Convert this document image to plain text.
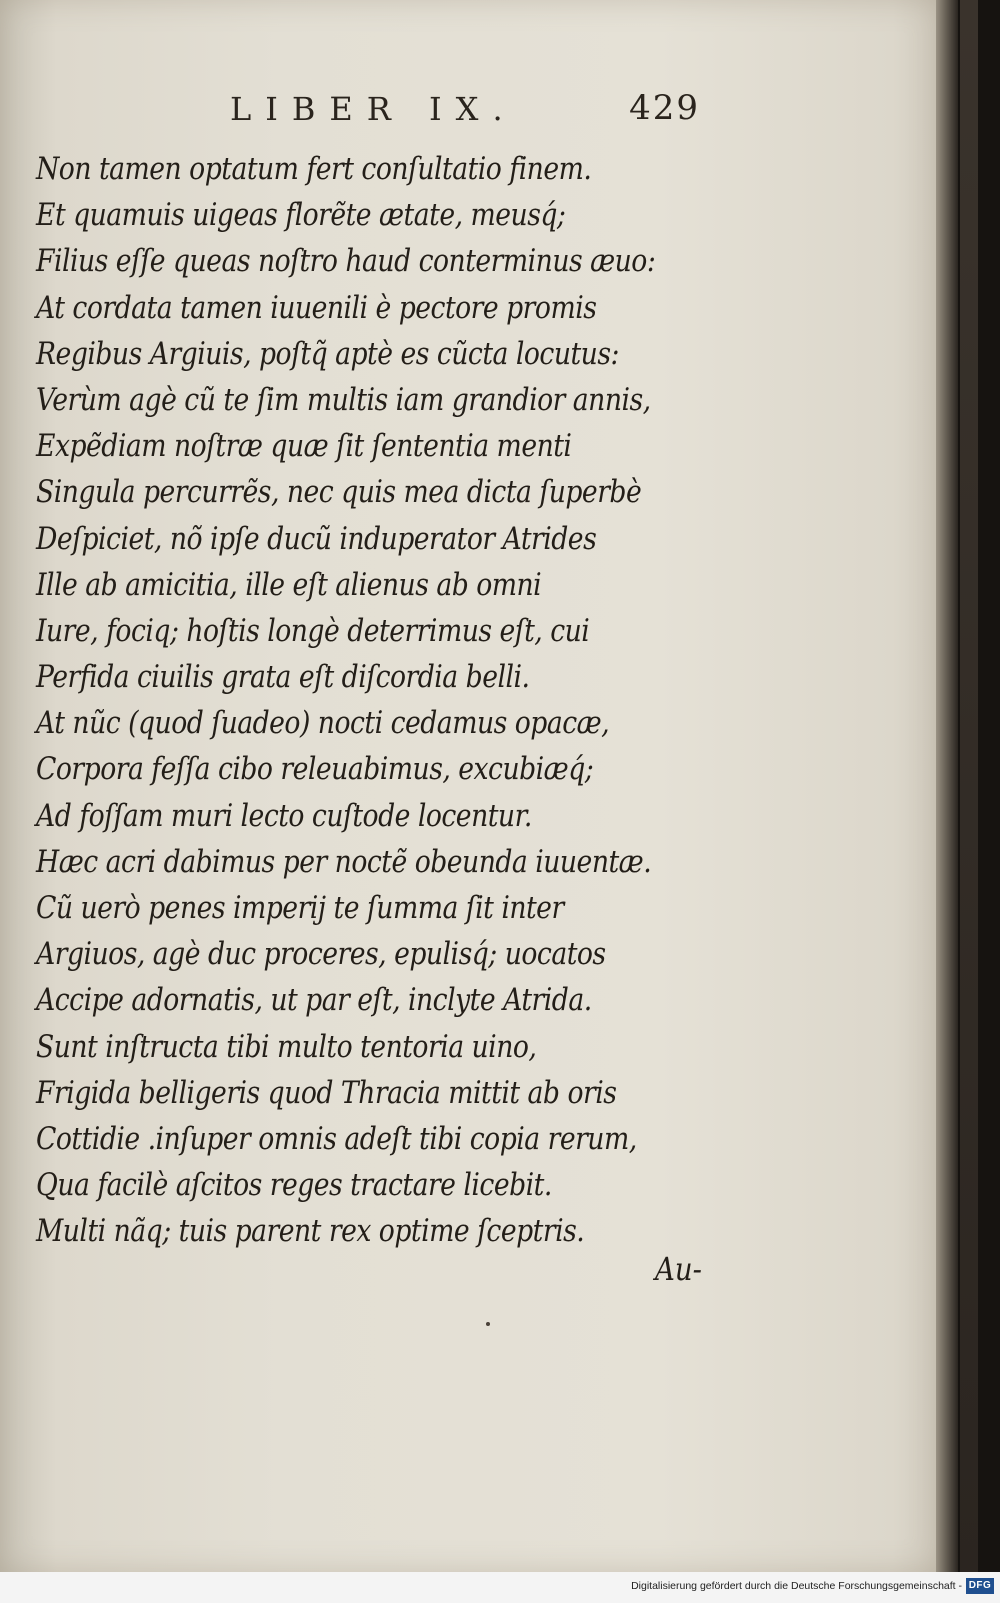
LIBER IX.	429
Non tamen optatum fert conſultatio finem.
Et quamuis uigeas florẽte ætate, meusq́;
Filius eſſe queas noſtro haud conterminus æuo:
At cordata tamen iuuenili è pectore promis
Regibus Argiuis, poſtq̃ aptè es cũcta locutus:
Verùm agè cũ te ſim multis iam grandior annis,
Expẽdiam noſtræ quæ ſit ſententia menti
Singula percurrẽs, nec quis mea dicta ſuperbè
Deſpiciet, nõ ipſe ducũ induperator Atrides
Ille ab amicitia, ille eſt alienus ab omni
Iure, fociq; hoſtis longè deterrimus eſt, cui
Perfida ciuilis grata eſt diſcordia belli.
At nũc (quod ſuadeo) nocti cedamus opacæ,
Corpora feſſa cibo releuabimus, excubiæq́;
Ad foſſam muri lecto cuſtode locentur.
Hæc acri dabimus per noctẽ obeunda iuuentæ.
Cũ uerò penes imperij te ſumma ſit inter
Argiuos, agè duc proceres, epulisq́; uocatos
Accipe adornatis, ut par eſt, inclyte Atrida.
Sunt inſtructa tibi multo tentoria uino,
Frigida belligeris quod Thracia mittit ab oris
Cottidie .inſuper omnis adeſt tibi copia rerum,
Qua facilè aſcitos reges tractare licebit.
Multi nãq; tuis parent rex optime ſceptris.
Au-
Digitalisierung gefördert durch die Deutsche Forschungsgemeinschaft - DFG
